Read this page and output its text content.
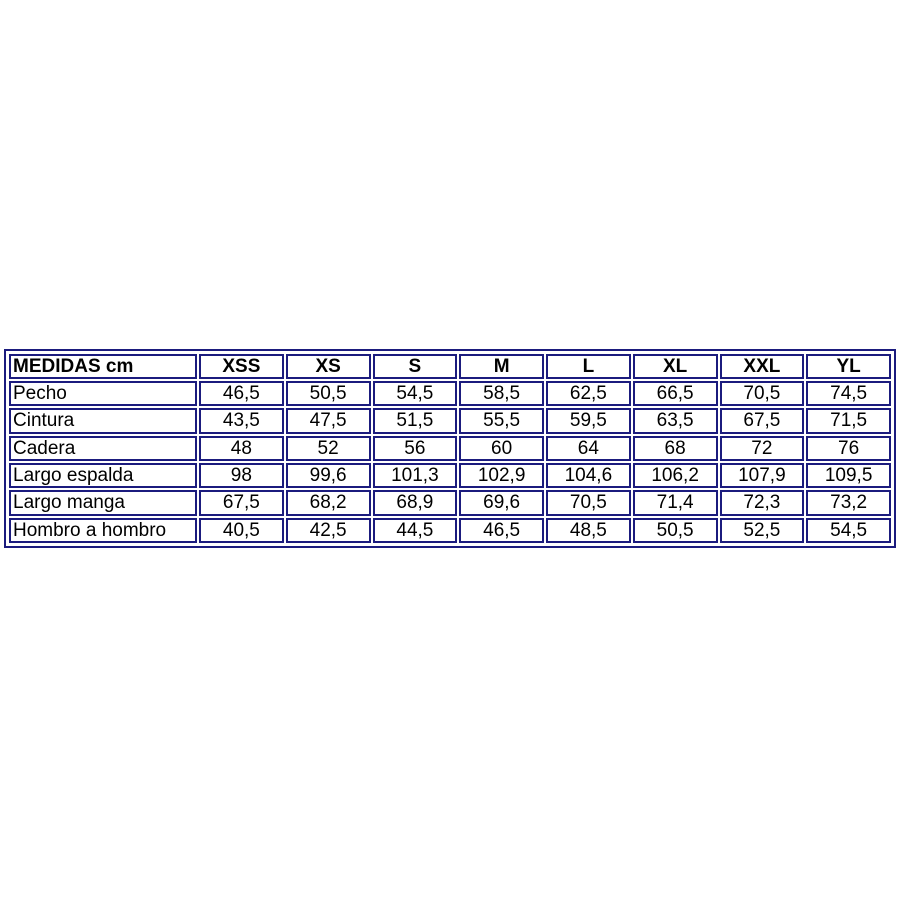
MEDIDAS cm	XSS	XS	S	M	L	XL	XXL	YL
Pecho	46,5	50,5	54,5	58,5	62,5	66,5	70,5	74,5
Cintura	43,5	47,5	51,5	55,5	59,5	63,5	67,5	71,5
Cadera	48	52	56	60	64	68	72	76
Largo espalda	98	99,6	101,3	102,9	104,6	106,2	107,9	109,5
Largo manga	67,5	68,2	68,9	69,6	70,5	71,4	72,3	73,2
Hombro a hombro	40,5	42,5	44,5	46,5	48,5	50,5	52,5	54,5
